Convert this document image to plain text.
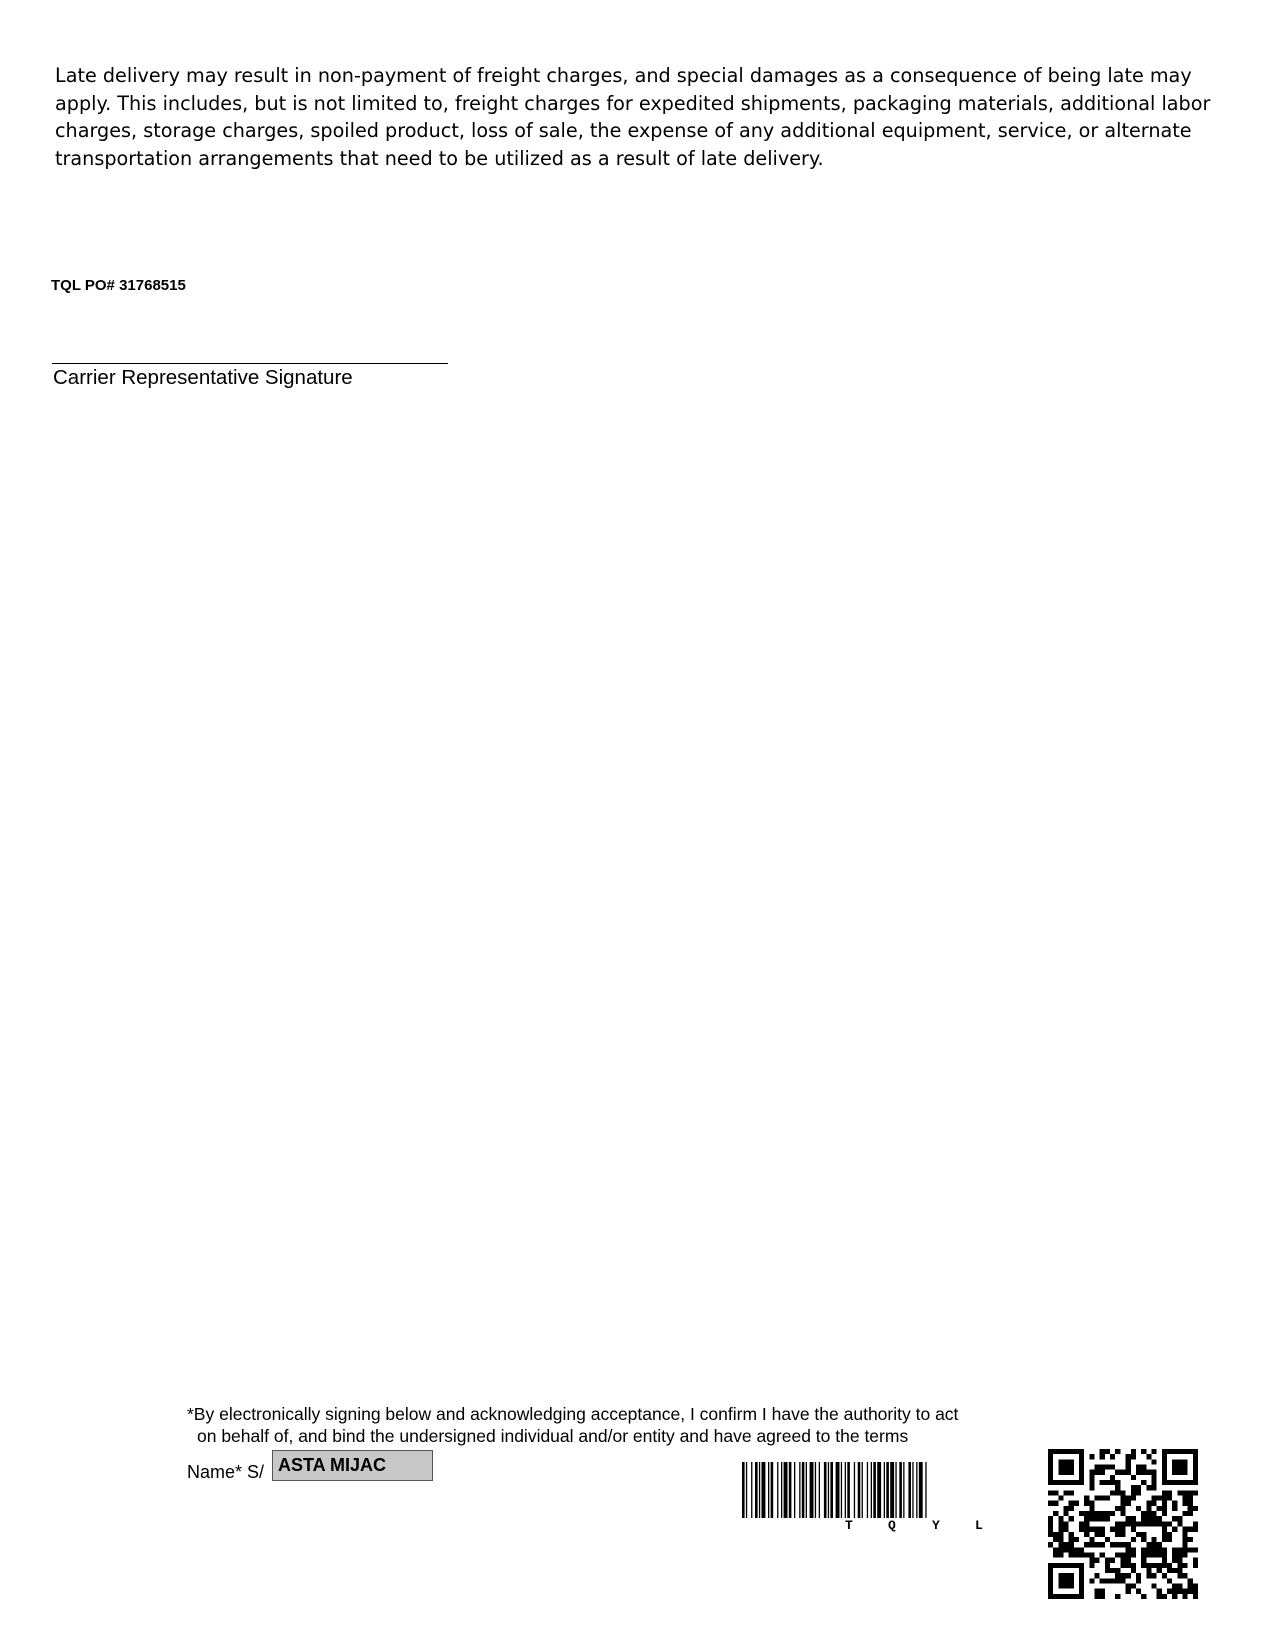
Late delivery may result in non-payment of freight charges, and special damages as a consequence of being late may
apply. This includes, but is not limited to, freight charges for expedited shipments, packaging materials, additional labor
charges, storage charges, spoiled product, loss of sale, the expense of any additional equipment, service, or alternate
transportation arrangements that need to be utilized as a result of late delivery.
TQL PO# 31768515
Carrier Representative Signature
*By electronically signing below and acknowledging acceptance, I confirm I have the authority to act
on behalf of, and bind the undersigned individual and/or entity and have agreed to the terms
Name* S/ ASTA MIJAC
T	Q	Y	L
